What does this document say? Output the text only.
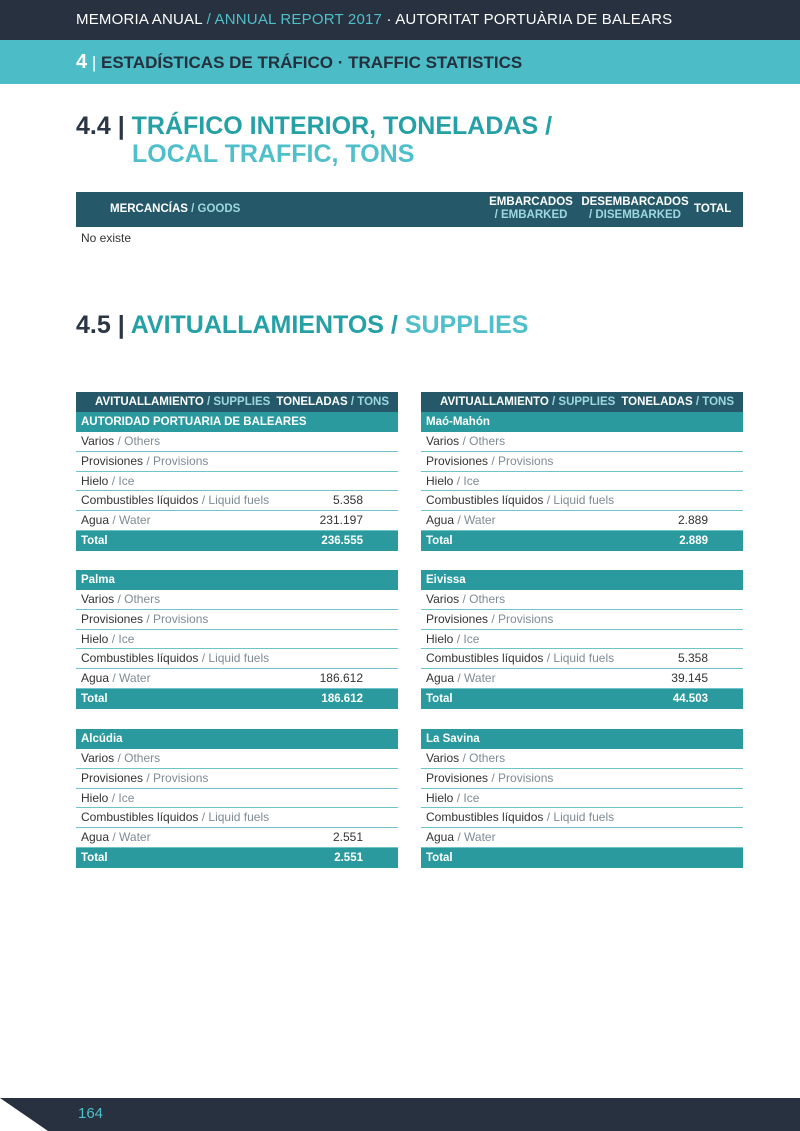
MEMORIA ANUAL / ANNUAL REPORT 2017 · AUTORITAT PORTUÀRIA DE BALEARS
4 | ESTADÍSTICAS DE TRÁFICO · TRAFFIC STATISTICS
4.4 | TRÁFICO INTERIOR, TONELADAS /
LOCAL TRAFFIC, TONS
MERCANCÍAS / GOODS
EMBARCADOS
/ EMBARKED
DESEMBARCADOS
/ DISEMBARKED	TOTAL
No existe
4.5 | AVITUALLAMIENTOS / SUPPLIES
AVITUALLAMIENTO / SUPPLIES TONELADAS / TONS
AUTORIDAD PORTUARIA DE BALEARES
Varios / Others
Provisiones / Provisions
Hielo / Ice
Combustibles líquidos / Liquid fuels	5.358
Agua / Water	231.197
Total	236.555
AVITUALLAMIENTO / SUPPLIES TONELADAS / TONS
Maó-Mahón
Varios / Others
Provisiones / Provisions
Hielo / Ice
Combustibles líquidos / Liquid fuels
Agua / Water	2.889
Total	2.889
Palma
Varios / Others
Provisiones / Provisions
Hielo / Ice
Combustibles líquidos / Liquid fuels
Agua / Water	186.612
Total	186.612
Eivissa
Varios / Others
Provisiones / Provisions
Hielo / Ice
Combustibles líquidos / Liquid fuels	5.358
Agua / Water	39.145
Total	44.503
Alcúdia
Varios / Others
Provisiones / Provisions
Hielo / Ice
Combustibles líquidos / Liquid fuels
Agua / Water	2.551
Total	2.551
La Savina
Varios / Others
Provisiones / Provisions
Hielo / Ice
Combustibles líquidos / Liquid fuels
Agua / Water
Total
164
